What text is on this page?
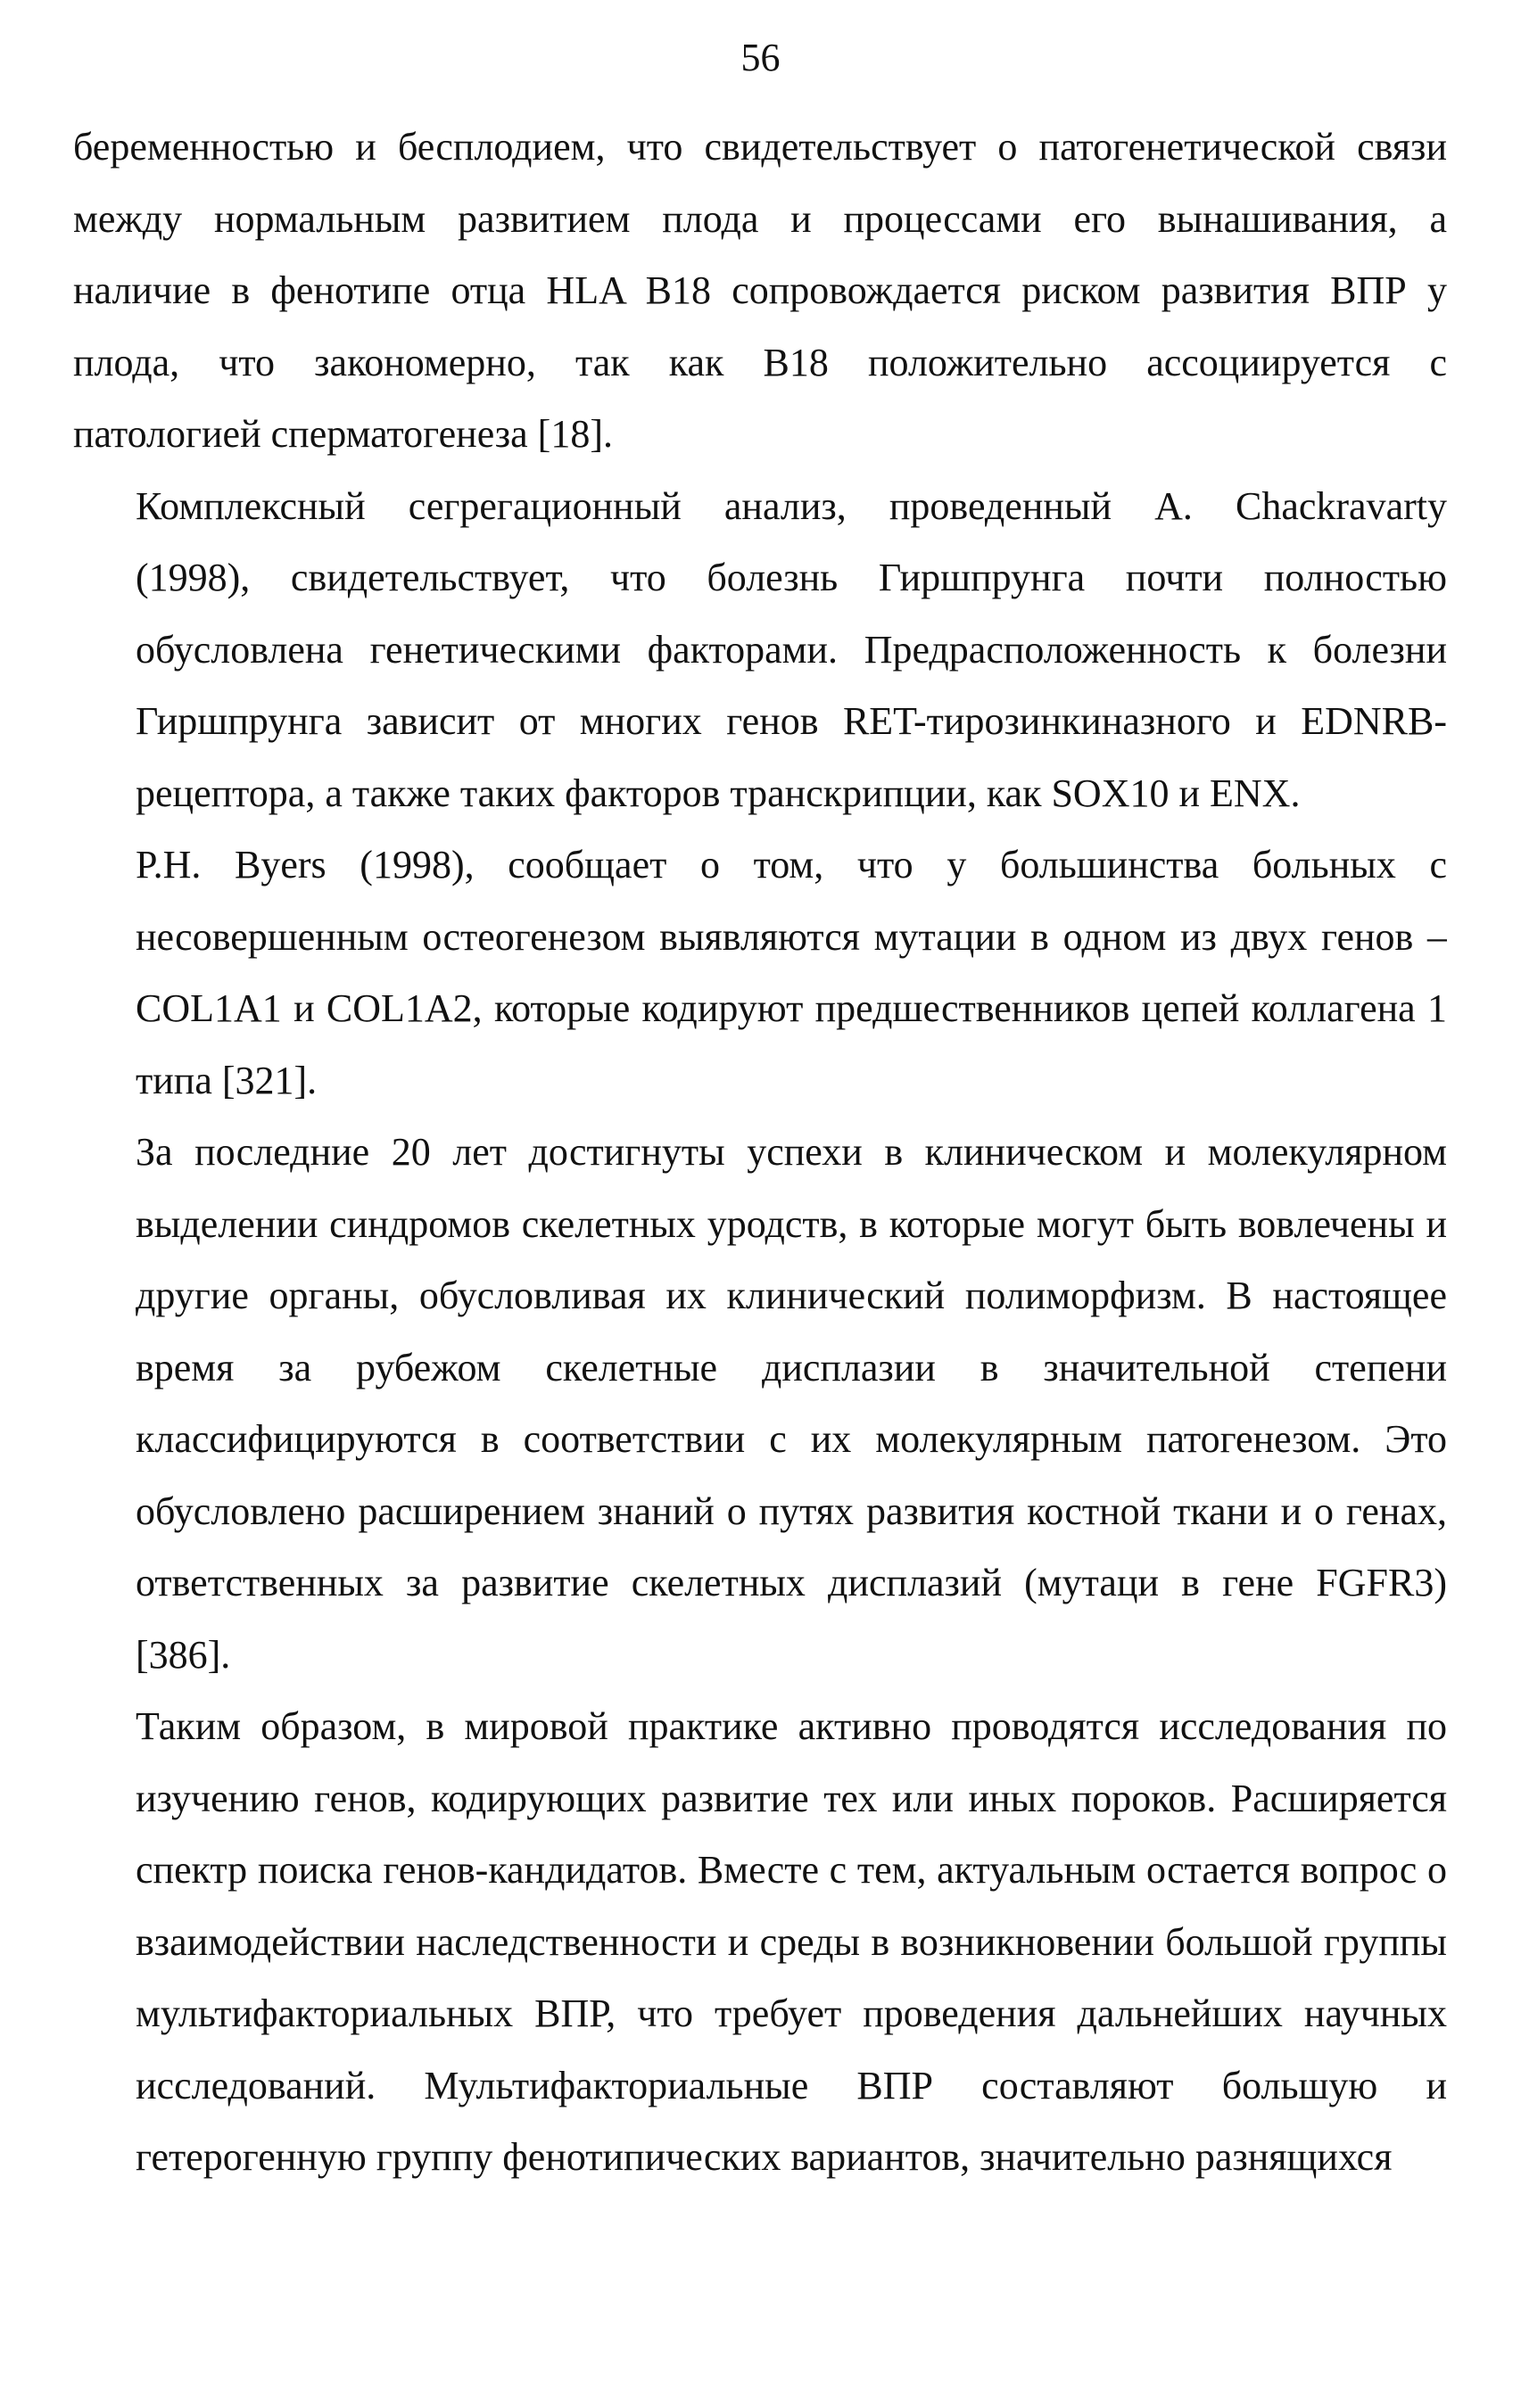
56
беременностью и бесплодием, что свидетельствует о патогенетической связи
между нормальным развитием плода и процессами его вынашивания, а
наличие в фенотипе отца HLA B18 сопровождается риском развития ВПР у
плода, что закономерно, так как B18 положительно ассоциируется с
патологией сперматогенеза [18].
Комплексный сегрегационный анализ, проведенный A. Chackravarty
(1998), свидетельствует, что болезнь Гиршпрунга почти полностью
обусловлена генетическими факторами. Предрасположенность к болезни
Гиршпрунга зависит от многих генов RET-тирозинкиназного и EDNRB-
рецептора, а также таких факторов транскрипции, как SOX10 и ENX.
P.H. Byers (1998), сообщает о том, что у большинства больных с
несовершенным остеогенезом выявляются мутации в одном из двух генов –
COL1A1 и COL1A2, которые кодируют предшественников цепей коллагена 1
типа [321].
За последние 20 лет достигнуты успехи в клиническом и молекулярном
выделении синдромов скелетных уродств, в которые могут быть вовлечены и
другие органы, обусловливая их клинический полиморфизм. В настоящее
время за рубежом скелетные дисплазии в значительной степени
классифицируются в соответствии с их молекулярным патогенезом. Это
обусловлено расширением знаний о путях развития костной ткани и о генах,
ответственных за развитие скелетных дисплазий (мутаци в гене FGFR3)
[386].
Таким образом, в мировой практике активно проводятся исследования по
изучению генов, кодирующих развитие тех или иных пороков. Расширяется
спектр поиска генов-кандидатов. Вместе с тем, актуальным остается вопрос о
взаимодействии наследственности и среды в возникновении большой группы
мультифакториальных ВПР, что требует проведения дальнейших научных
исследований. Мультифакториальные ВПР составляют большую и
гетерогенную группу фенотипических вариантов, значительно разнящихся
